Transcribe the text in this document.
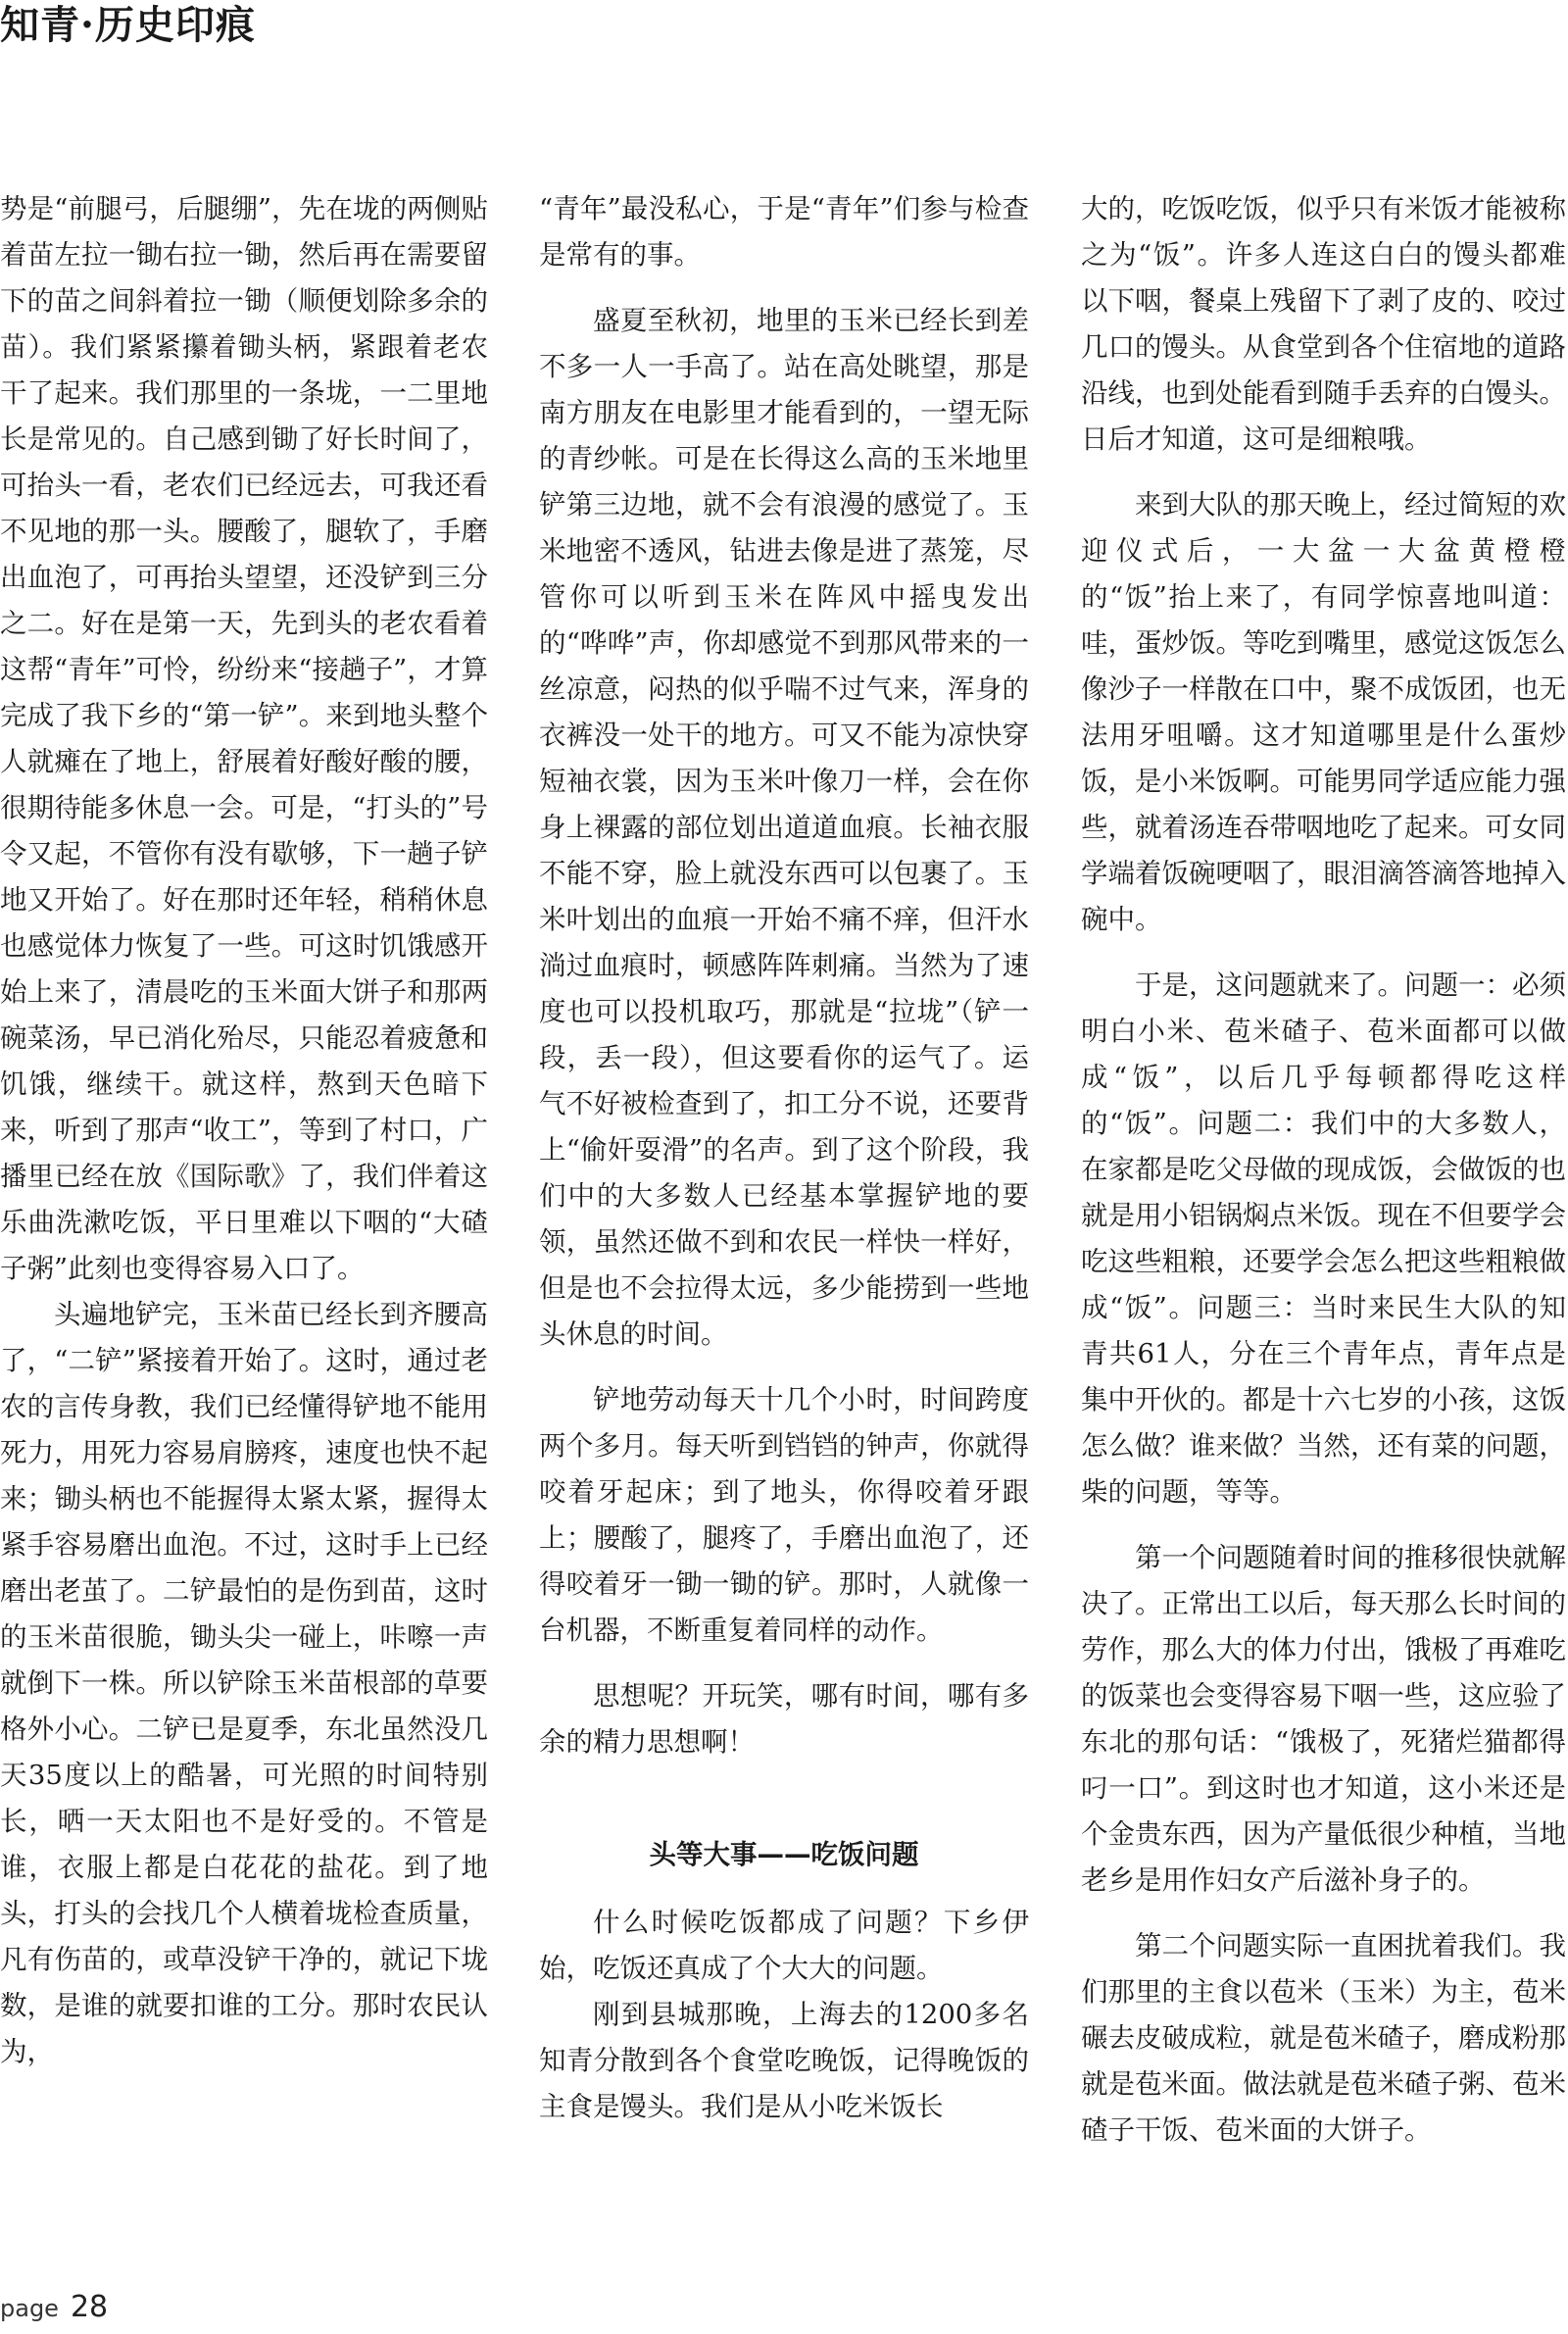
知青·历史印痕

势是“前腿弓，后腿绷”，先在垅的两侧贴着苗左拉一锄右拉一锄，然后再在需要留下的苗之间斜着拉一锄（顺便划除多余的苗）。我们紧紧攥着锄头柄，紧跟着老农干了起来。我们那里的一条垅，一二里地长是常见的。自己感到锄了好长时间了，可抬头一看，老农们已经远去，可我还看不见地的那一头。腰酸了，腿软了，手磨出血泡了，可再抬头望望，还没铲到三分之二。好在是第一天，先到头的老农看着这帮“青年”可怜，纷纷来“接趟子”，才算完成了我下乡的“第一铲”。来到地头整个人就瘫在了地上，舒展着好酸好酸的腰，很期待能多休息一会。可是，“打头的”号令又起，不管你有没有歇够，下一趟子铲地又开始了。好在那时还年轻，稍稍休息也感觉体力恢复了一些。可这时饥饿感开始上来了，清晨吃的玉米面大饼子和那两碗菜汤，早已消化殆尽，只能忍着疲惫和饥饿，继续干。就这样，熬到天色暗下来，听到了那声“收工”，等到了村口，广播里已经在放《国际歌》了，我们伴着这乐曲洗漱吃饭，平日里难以下咽的“大碴子粥”此刻也变得容易入口了。

头遍地铲完，玉米苗已经长到齐腰高了，“二铲”紧接着开始了。这时，通过老农的言传身教，我们已经懂得铲地不能用死力，用死力容易肩膀疼，速度也快不起来；锄头柄也不能握得太紧太紧，握得太紧手容易磨出血泡。不过，这时手上已经磨出老茧了。二铲最怕的是伤到苗，这时的玉米苗很脆，锄头尖一碰上，咔嚓一声就倒下一株。所以铲除玉米苗根部的草要格外小心。二铲已是夏季，东北虽然没几天35度以上的酷暑，可光照的时间特别长，晒一天太阳也不是好受的。不管是谁，衣服上都是白花花的盐花。到了地头，打头的会找几个人横着垅检查质量，凡有伤苗的，或草没铲干净的，就记下垅数，是谁的就要扣谁的工分。那时农民认为，

“青年”最没私心，于是“青年”们参与检查是常有的事。

盛夏至秋初，地里的玉米已经长到差不多一人一手高了。站在高处眺望，那是南方朋友在电影里才能看到的，一望无际的青纱帐。可是在长得这么高的玉米地里铲第三边地，就不会有浪漫的感觉了。玉米地密不透风，钻进去像是进了蒸笼，尽管你可以听到玉米在阵风中摇曳发出的“哗哗”声，你却感觉不到那风带来的一丝凉意，闷热的似乎喘不过气来，浑身的衣裤没一处干的地方。可又不能为凉快穿短袖衣裳，因为玉米叶像刀一样，会在你身上裸露的部位划出道道血痕。长袖衣服不能不穿，脸上就没东西可以包裹了。玉米叶划出的血痕一开始不痛不痒，但汗水淌过血痕时，顿感阵阵刺痛。当然为了速度也可以投机取巧，那就是“拉垅”（铲一段，丢一段），但这要看你的运气了。运气不好被检查到了，扣工分不说，还要背上“偷奸耍滑”的名声。到了这个阶段，我们中的大多数人已经基本掌握铲地的要领，虽然还做不到和农民一样快一样好，但是也不会拉得太远，多少能捞到一些地头休息的时间。

铲地劳动每天十几个小时，时间跨度两个多月。每天听到铛铛的钟声，你就得咬着牙起床；到了地头，你得咬着牙跟上；腰酸了，腿疼了，手磨出血泡了，还得咬着牙一锄一锄的铲。那时，人就像一台机器，不断重复着同样的动作。

思想呢？开玩笑，哪有时间，哪有多余的精力思想啊！

头等大事——吃饭问题

什么时候吃饭都成了问题？下乡伊始，吃饭还真成了个大大的问题。

刚到县城那晚，上海去的1200多名知青分散到各个食堂吃晚饭，记得晚饭的主食是馒头。我们是从小吃米饭长

大的，吃饭吃饭，似乎只有米饭才能被称之为“饭”。许多人连这白白的馒头都难以下咽，餐桌上残留下了剥了皮的、咬过几口的馒头。从食堂到各个住宿地的道路沿线，也到处能看到随手丢弃的白馒头。日后才知道，这可是细粮哦。

来到大队的那天晚上，经过简短的欢迎仪式后，一大盆一大盆黄橙橙的“饭”抬上来了，有同学惊喜地叫道：哇，蛋炒饭。等吃到嘴里，感觉这饭怎么像沙子一样散在口中，聚不成饭团，也无法用牙咀嚼。这才知道哪里是什么蛋炒饭，是小米饭啊。可能男同学适应能力强些，就着汤连吞带咽地吃了起来。可女同学端着饭碗哽咽了，眼泪滴答滴答地掉入碗中。

于是，这问题就来了。问题一：必须明白小米、苞米碴子、苞米面都可以做成“饭”，以后几乎每顿都得吃这样的“饭”。问题二：我们中的大多数人，在家都是吃父母做的现成饭，会做饭的也就是用小铝锅焖点米饭。现在不但要学会吃这些粗粮，还要学会怎么把这些粗粮做成“饭”。问题三：当时来民生大队的知青共61人，分在三个青年点，青年点是集中开伙的。都是十六七岁的小孩，这饭怎么做？谁来做？当然，还有菜的问题，柴的问题，等等。

第一个问题随着时间的推移很快就解决了。正常出工以后，每天那么长时间的劳作，那么大的体力付出，饿极了再难吃的饭菜也会变得容易下咽一些，这应验了东北的那句话：“饿极了，死猪烂猫都得叼一口”。到这时也才知道，这小米还是个金贵东西，因为产量低很少种植，当地老乡是用作妇女产后滋补身子的。

第二个问题实际一直困扰着我们。我们那里的主食以苞米（玉米）为主，苞米碾去皮破成粒，就是苞米碴子，磨成粉那就是苞米面。做法就是苞米碴子粥、苞米碴子干饭、苞米面的大饼子。

page 28
